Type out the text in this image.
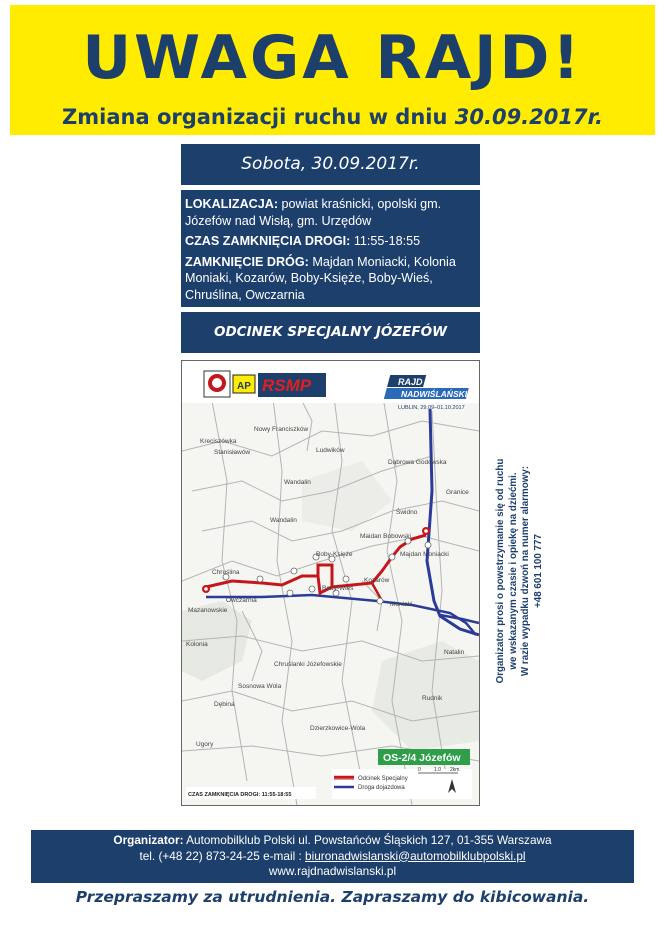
UWAGA RAJD!
Zmiana organizacji ruchu w dniu 30.09.2017r.
Sobota, 30.09.2017r.

LOKALIZACJA: powiat kraśnicki, opolski gm. Józefów nad Wisłą, gm. Urzędów

CZAS ZAMKNIĘCIA DROGI: 11:55-18:55

ZAMKNIĘCIE DRÓG: Majdan Moniacki, Kolonia Moniaki, Kozarów, Boby-Księże, Boby-Wieś, Chruślina, Owczarnia

ODCINEK SPECJALNY JÓZEFÓW
AP RSMP	RAJD
NADWIŚLAŃSKI
LUBLIN, 29.09–01.10.2017
OS-2/4 Józefów
Odcinek Specjalny
Droga dojazdowa
0	1.0 2km
CZAS ZAMKNIĘCIA DROGI: 11:55-18:55
Kreciszówka
Nowy Franciszków
Stanisławów	Ludwików
Dąbrowa Godowska
Wandalin
Świdno
Wandalin
Maidan Bobowski
Boby-Księże	Majdan Moniacki
Chruślina
Kozarów
Owczarnia
Boby-Wieś
Moniaki
Mazanowskie
Kolonia
Chruślanki Józefowskie
Dębina
Sosnowa Wola
Dzierzkowice-Wola
Ugory
Natalin
Rudnik
Granice	Organizator prosi o powstrzymanie się od ruchu we wskazanym czasie i opiekę na dziećmi. W razie wypadku dzwoń na numer alarmowy: +48 601 100 777
Organizator: Automobilklub Polski ul. Powstańców Śląskich 127, 01-355 Warszawa
tel. (+48 22) 873-24-25 e-mail : biuronadwislanski@automobilklubpolski.pl
www.rajdnadwislanski.pl
Przepraszamy za utrudnienia. Zapraszamy do kibicowania.
